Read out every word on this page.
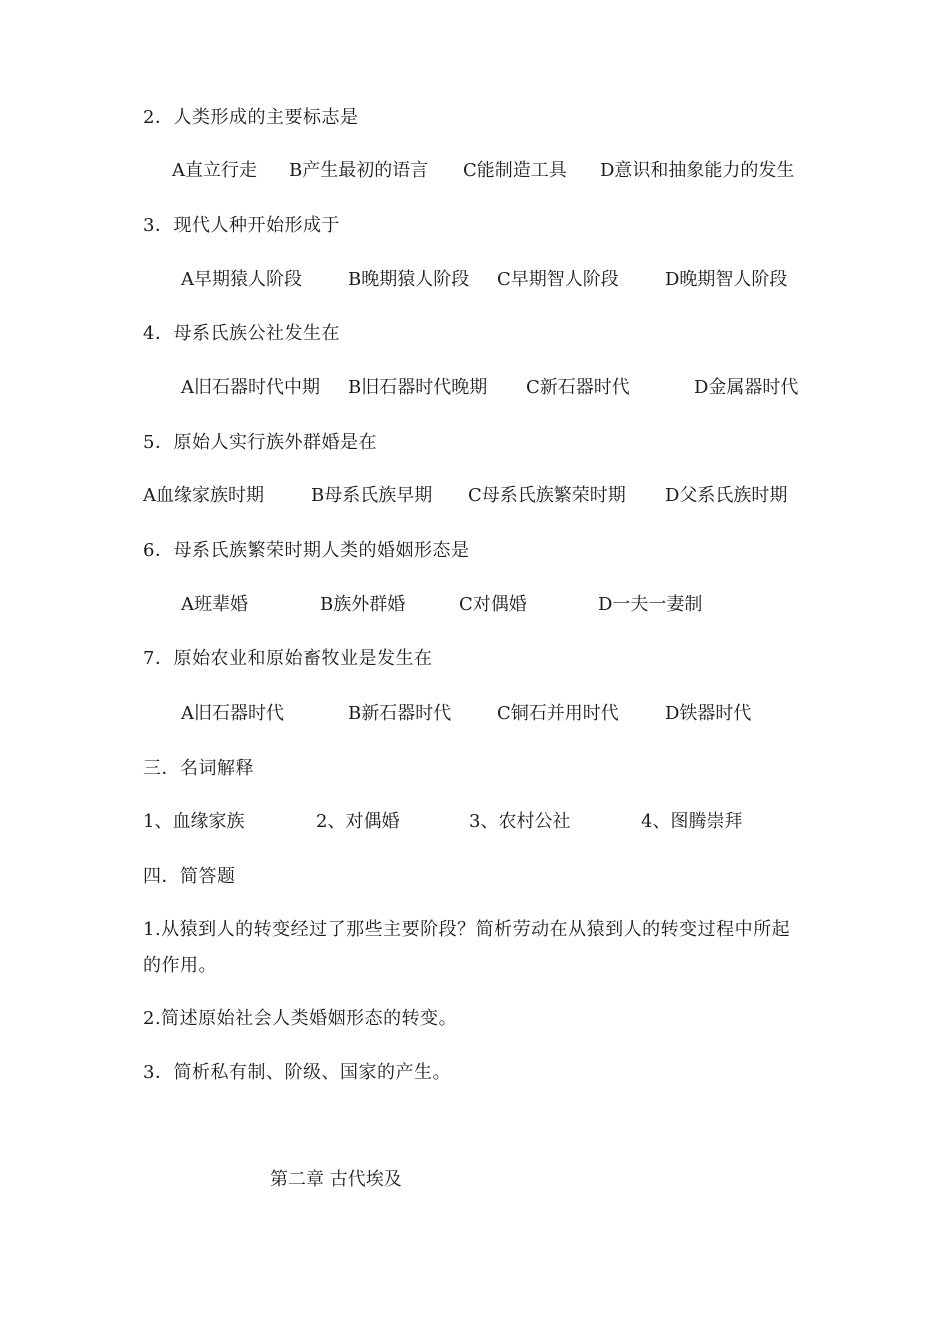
2．人类形成的主要标志是
A直立行走 B产生最初的语言 C能制造工具 D意识和抽象能力的发生
3．现代人种开始形成于
A早期猿人阶段	B晚期猿人阶段 C早期智人阶段	D晚期智人阶段
4．母系氏族公社发生在
A旧石器时代中期 B旧石器时代晚期 C新石器时代	D金属器时代
5．原始人实行族外群婚是在
A血缘家族时期	B母系氏族早期 C母系氏族繁荣时期 D父系氏族时期
6．母系氏族繁荣时期人类的婚姻形态是
A班辈婚	B族外群婚	C对偶婚	D一夫一妻制
7．原始农业和原始畜牧业是发生在
A旧石器时代	B新石器时代	C铜石并用时代	D铁器时代
三．名词解释
1、血缘家族	2、对偶婚	3、农村公社	4、图腾崇拜
四．简答题
1.从猿到人的转变经过了那些主要阶段？简析劳动在从猿到人的转变过程中所起的作用。
2.简述原始社会人类婚姻形态的转变。
3．简析私有制、阶级、国家的产生。
第二章 古代埃及
